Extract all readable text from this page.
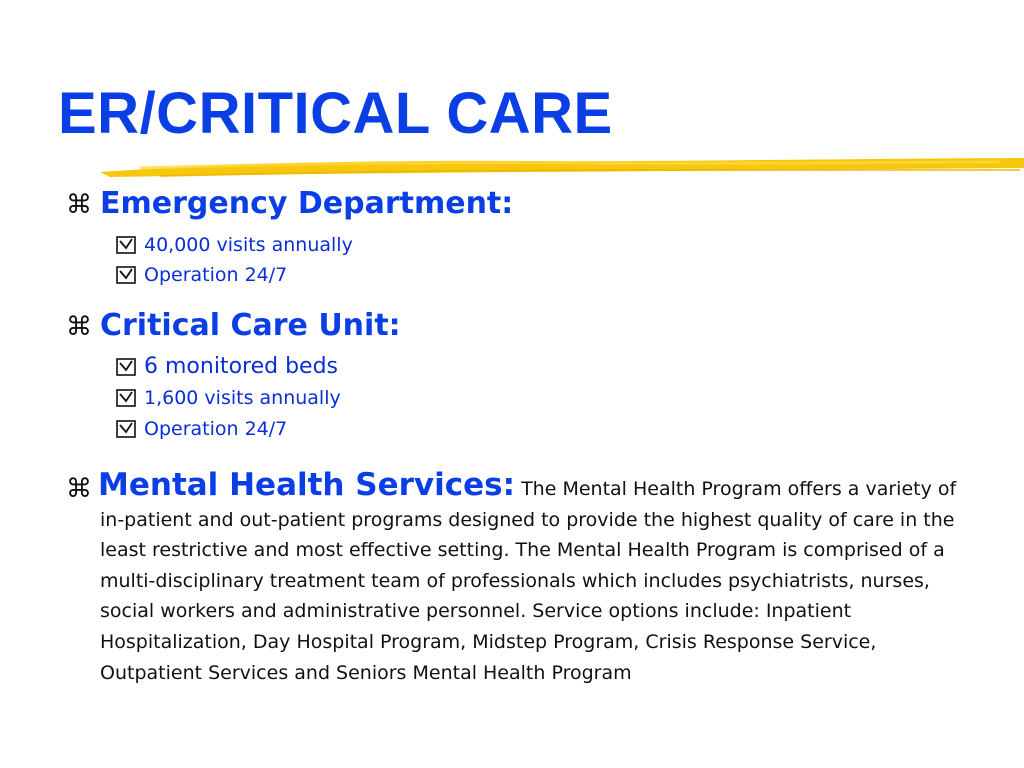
ER/CRITICAL CARE
⌘ Emergency Department:
40,000 visits annually
Operation 24/7
⌘ Critical Care Unit:
6 monitored beds
1,600 visits annually
Operation 24/7
⌘ Mental Health Services: The Mental Health Program offers a variety of in-patient and out-patient programs designed to provide the highest quality of care in the least restrictive and most effective setting. The Mental Health Program is comprised of a multi-disciplinary treatment team of professionals which includes psychiatrists, nurses, social workers and administrative personnel. Service options include: Inpatient Hospitalization, Day Hospital Program, Midstep Program, Crisis Response Service, Outpatient Services and Seniors Mental Health Program
